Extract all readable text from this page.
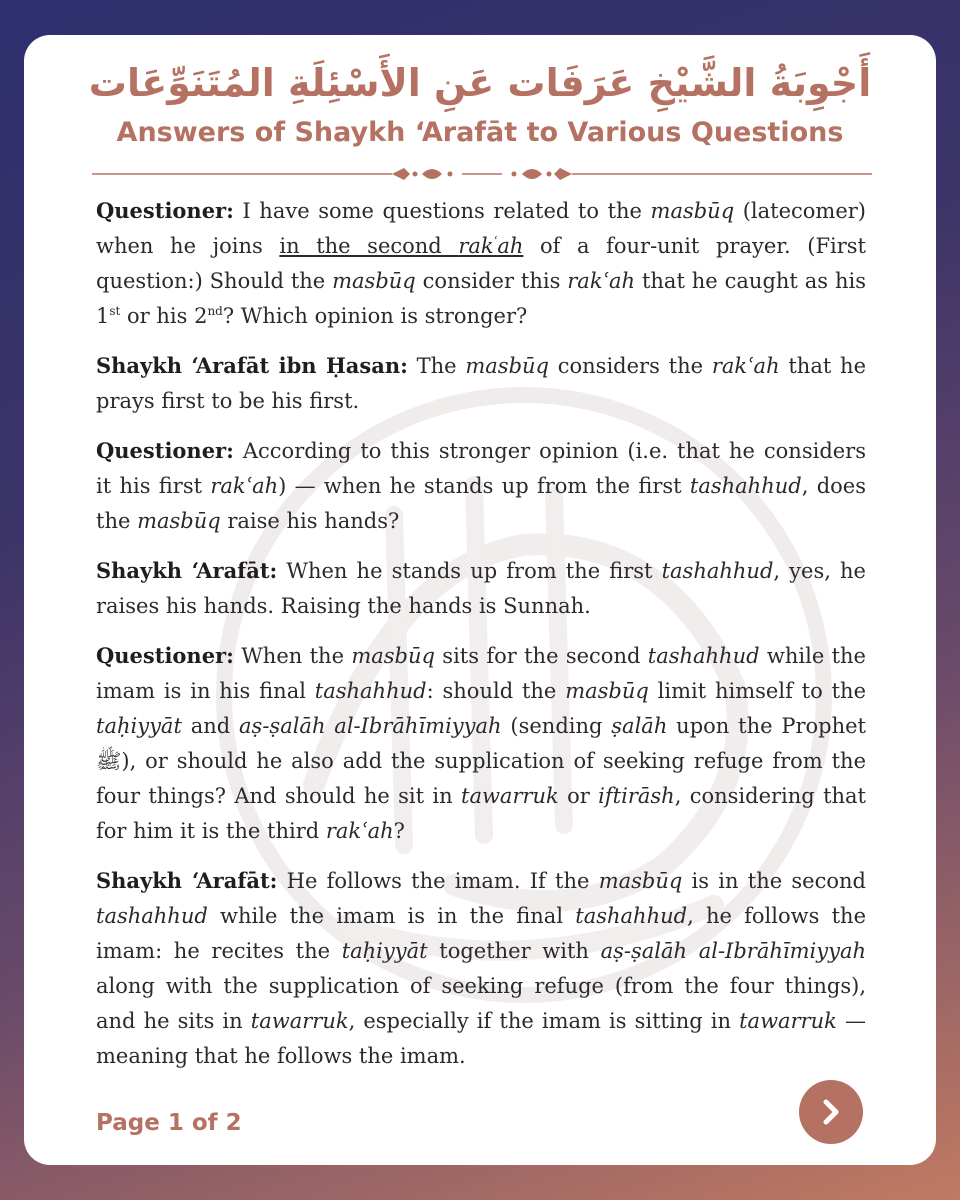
أَجْوِبَةُ الشَّيْخِ عَرَفَات عَنِ الأَسْئِلَةِ المُتَنَوِّعَات
Answers of Shaykh ‘Arafāt to Various Questions

Questioner: I have some questions related to the masbūq (latecomer) when he joins in the second rak$^ʿ$ah of a four-unit prayer. (First question:) Should the masbūq consider this rakʿah that he caught as his 1st or his 2nd? Which opinion is stronger?

Shaykh ‘Arafāt ibn Ḥasan: The masbūq considers the rakʿah that he prays first to be his first.

Questioner: According to this stronger opinion (i.e. that he considers it his first rakʿah) — when he stands up from the first tashahhud, does the masbūq raise his hands?

Shaykh ‘Arafāt: When he stands up from the first tashahhud, yes, he raises his hands. Raising the hands is Sunnah.

Questioner: When the masbūq sits for the second tashahhud while the imam is in his final tashahhud: should the masbūq limit himself to the taḥiyyāt and aṣ-ṣalāh al-Ibrāhīmiyyah (sending ṣalāh upon the Prophet ﷺ), or should he also add the supplication of seeking refuge from the four things? And should he sit in tawarruk or iftirāsh, considering that for him it is the third rakʿah?

Shaykh ‘Arafāt: He follows the imam. If the masbūq is in the second tashahhud while the imam is in the final tashahhud, he follows the imam: he recites the taḥiyyāt together with aṣ-ṣalāh al-Ibrāhīmiyyah along with the supplication of seeking refuge (from the four things), and he sits in tawarruk, especially if the imam is sitting in tawarruk — meaning that he follows the imam.

Page 1 of 2
